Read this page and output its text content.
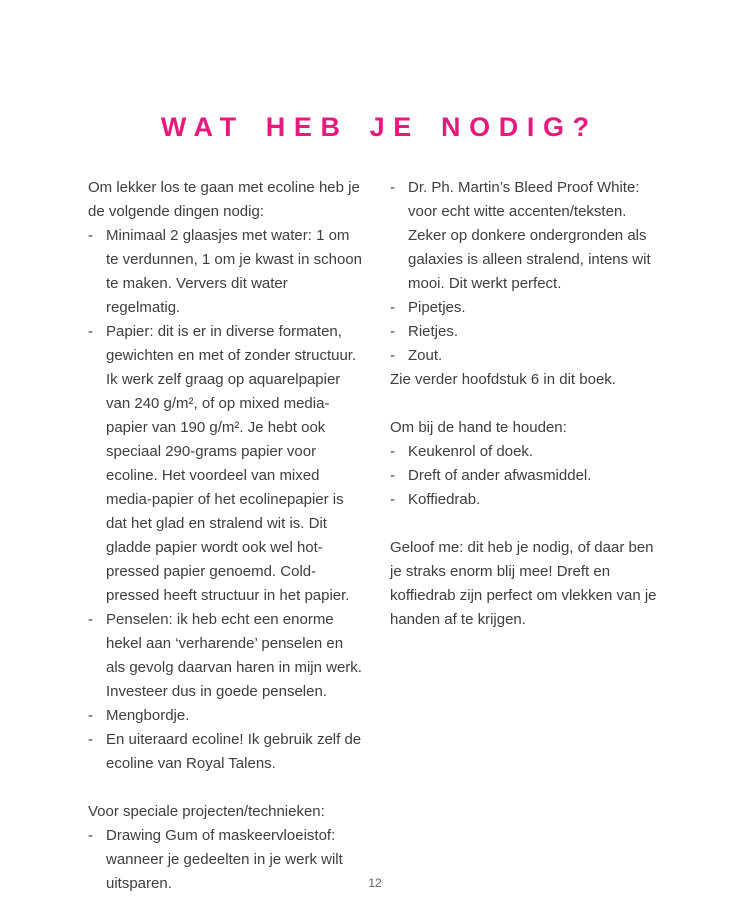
WAT HEB JE NODIG?

Om lekker los te gaan met ecoline heb je de volgende dingen nodig:

- Minimaal 2 glaasjes met water: 1 om te verdunnen, 1 om je kwast in schoon te maken. Ververs dit water regelmatig.
- Papier: dit is er in diverse formaten, gewichten en met of zonder structuur. Ik werk zelf graag op aquarelpapier van 240 g/m², of op mixed media-papier van 190 g/m². Je hebt ook speciaal 290-grams papier voor ecoline. Het voordeel van mixed media-papier of het ecolinepapier is dat het glad en stralend wit is. Dit gladde papier wordt ook wel hot-pressed papier genoemd. Cold-pressed heeft structuur in het papier.
- Penselen: ik heb echt een enorme hekel aan ‘verharende’ penselen en als gevolg daarvan haren in mijn werk. Investeer dus in goede penselen.
- Mengbordje.
- En uiteraard ecoline! Ik gebruik zelf de ecoline van Royal Talens.

Voor speciale projecten/technieken:

- Drawing Gum of maskeervloeistof: wanneer je gedeelten in je werk wilt uitsparen.
- Dr. Ph. Martin’s Bleed Proof White: voor echt witte accenten/teksten. Zeker op donkere ondergronden als galaxies is alleen stralend, intens wit mooi. Dit werkt perfect.
- Pipetjes.
- Rietjes.
- Zout.

Zie verder hoofdstuk 6 in dit boek.

Om bij de hand te houden:

- Keukenrol of doek.
- Dreft of ander afwasmiddel.
- Koffiedrab.

Geloof me: dit heb je nodig, of daar ben je straks enorm blij mee! Dreft en koffiedrab zijn perfect om vlekken van je handen af te krijgen.

12
